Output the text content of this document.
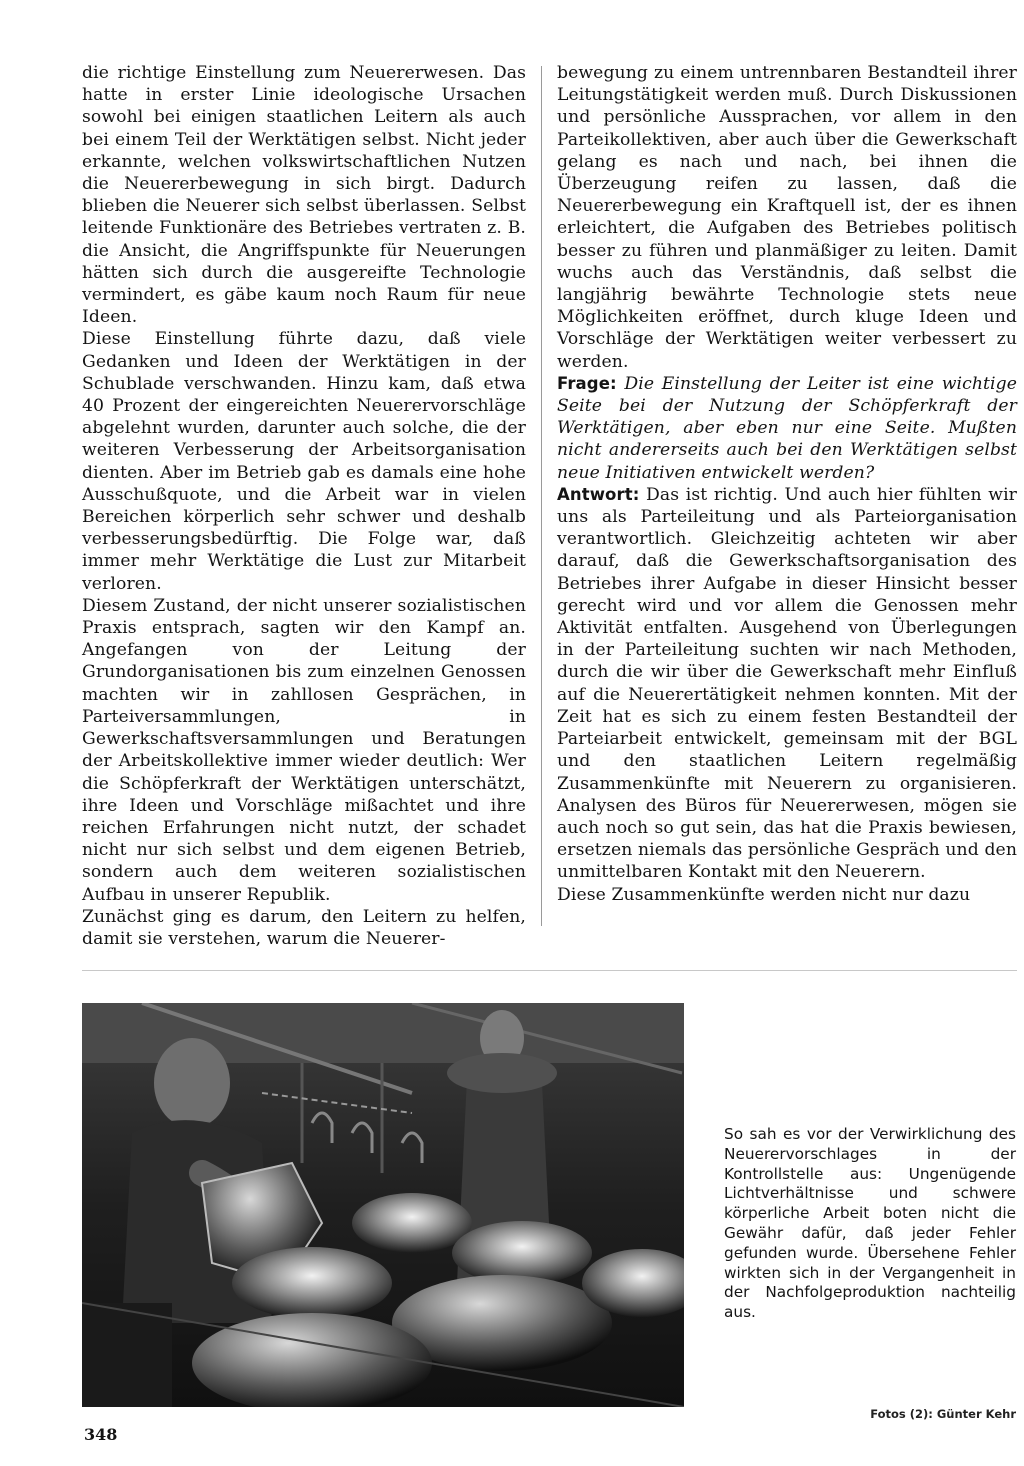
die richtige Einstellung zum Neuererwesen. Das hatte in erster Linie ideologische Ursachen sowohl bei einigen staatlichen Leitern als auch bei einem Teil der Werktätigen selbst. Nicht jeder erkannte, welchen volkswirtschaftlichen Nutzen die Neuererbewegung in sich birgt. Dadurch blieben die Neuerer sich selbst überlassen. Selbst leitende Funktionäre des Betriebes vertraten z. B. die Ansicht, die Angriffspunkte für Neuerungen hätten sich durch die ausgereifte Technologie vermindert, es gäbe kaum noch Raum für neue Ideen.

Diese Einstellung führte dazu, daß viele Gedanken und Ideen der Werktätigen in der Schublade verschwanden. Hinzu kam, daß etwa 40 Prozent der eingereichten Neuerervorschläge abgelehnt wurden, darunter auch solche, die der weiteren Verbesserung der Arbeitsorganisation dienten. Aber im Betrieb gab es damals eine hohe Ausschußquote, und die Arbeit war in vielen Bereichen körperlich sehr schwer und deshalb verbesserungsbedürftig. Die Folge war, daß immer mehr Werktätige die Lust zur Mitarbeit verloren.

Diesem Zustand, der nicht unserer sozialistischen Praxis entsprach, sagten wir den Kampf an. Angefangen von der Leitung der Grundorganisationen bis zum einzelnen Genossen machten wir in zahllosen Gesprächen, in Parteiversammlungen, in Gewerkschaftsversammlungen und Beratungen der Arbeitskollektive immer wieder deutlich: Wer die Schöpferkraft der Werktätigen unterschätzt, ihre Ideen und Vorschläge mißachtet und ihre reichen Erfahrungen nicht nutzt, der schadet nicht nur sich selbst und dem eigenen Betrieb, sondern auch dem weiteren sozialistischen Aufbau in unserer Republik.

Zunächst ging es darum, den Leitern zu helfen, damit sie verstehen, warum die Neuerer-

bewegung zu einem untrennbaren Bestandteil ihrer Leitungstätigkeit werden muß. Durch Diskussionen und persönliche Aussprachen, vor allem in den Parteikollektiven, aber auch über die Gewerkschaft gelang es nach und nach, bei ihnen die Überzeugung reifen zu lassen, daß die Neuererbewegung ein Kraftquell ist, der es ihnen erleichtert, die Aufgaben des Betriebes politisch besser zu führen und planmäßiger zu leiten. Damit wuchs auch das Verständnis, daß selbst die langjährig bewährte Technologie stets neue Möglichkeiten eröffnet, durch kluge Ideen und Vorschläge der Werktätigen weiter verbessert zu werden.

Frage: Die Einstellung der Leiter ist eine wichtige Seite bei der Nutzung der Schöpferkraft der Werktätigen, aber eben nur eine Seite. Mußten nicht andererseits auch bei den Werktätigen selbst neue Initiativen entwickelt werden?

Antwort: Das ist richtig. Und auch hier fühlten wir uns als Parteileitung und als Parteiorganisation verantwortlich. Gleichzeitig achteten wir aber darauf, daß die Gewerkschaftsorganisation des Betriebes ihrer Aufgabe in dieser Hinsicht besser gerecht wird und vor allem die Genossen mehr Aktivität entfalten. Ausgehend von Überlegungen in der Parteileitung suchten wir nach Methoden, durch die wir über die Gewerkschaft mehr Einfluß auf die Neuerertätigkeit nehmen konnten. Mit der Zeit hat es sich zu einem festen Bestandteil der Parteiarbeit entwickelt, gemeinsam mit der BGL und den staatlichen Leitern regelmäßig Zusammenkünfte mit Neuerern zu organisieren. Analysen des Büros für Neuererwesen, mögen sie auch noch so gut sein, das hat die Praxis bewiesen, ersetzen niemals das persönliche Gespräch und den unmittelbaren Kontakt mit den Neuerern.

Diese Zusammenkünfte werden nicht nur dazu

So sah es vor der Verwirklichung des Neuerervorschlages in der Kontrollstelle aus: Ungenügende Lichtverhältnisse und schwere körperliche Arbeit boten nicht die Gewähr dafür, daß jeder Fehler gefunden wurde. Übersehene Fehler wirkten sich in der Vergangenheit in der Nachfolgeproduktion nachteilig aus.
Fotos (2): Günter Kehr
348
